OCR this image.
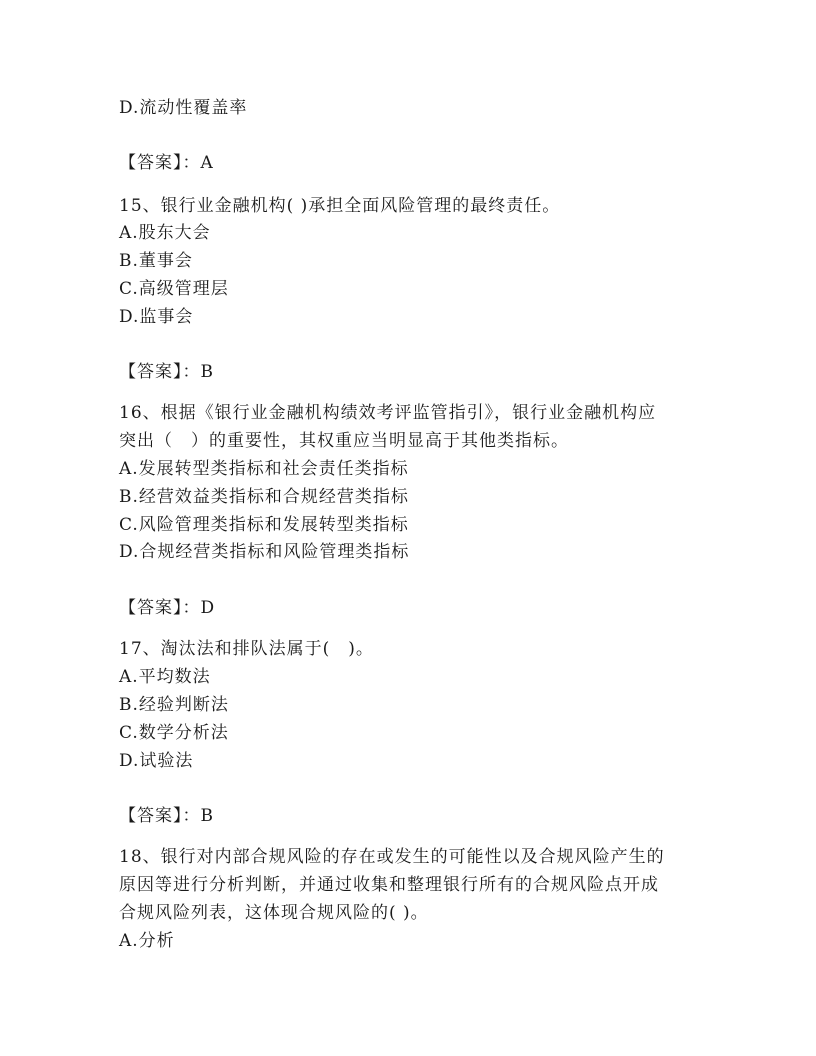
D.流动性覆盖率
【答案】：A
15、银行业金融机构( )承担全面风险管理的最终责任。
A.股东大会
B.董事会
C.高级管理层
D.监事会
【答案】：B
16、根据《银行业金融机构绩效考评监管指引》，银行业金融机构应
突出（　）的重要性，其权重应当明显高于其他类指标。
A.发展转型类指标和社会责任类指标
B.经营效益类指标和合规经营类指标
C.风险管理类指标和发展转型类指标
D.合规经营类指标和风险管理类指标
【答案】：D
17、淘汰法和排队法属于(　)。
A.平均数法
B.经验判断法
C.数学分析法
D.试验法
【答案】：B
18、银行对内部合规风险的存在或发生的可能性以及合规风险产生的
原因等进行分析判断，并通过收集和整理银行所有的合规风险点开成
合规风险列表，这体现合规风险的( )。
A.分析
